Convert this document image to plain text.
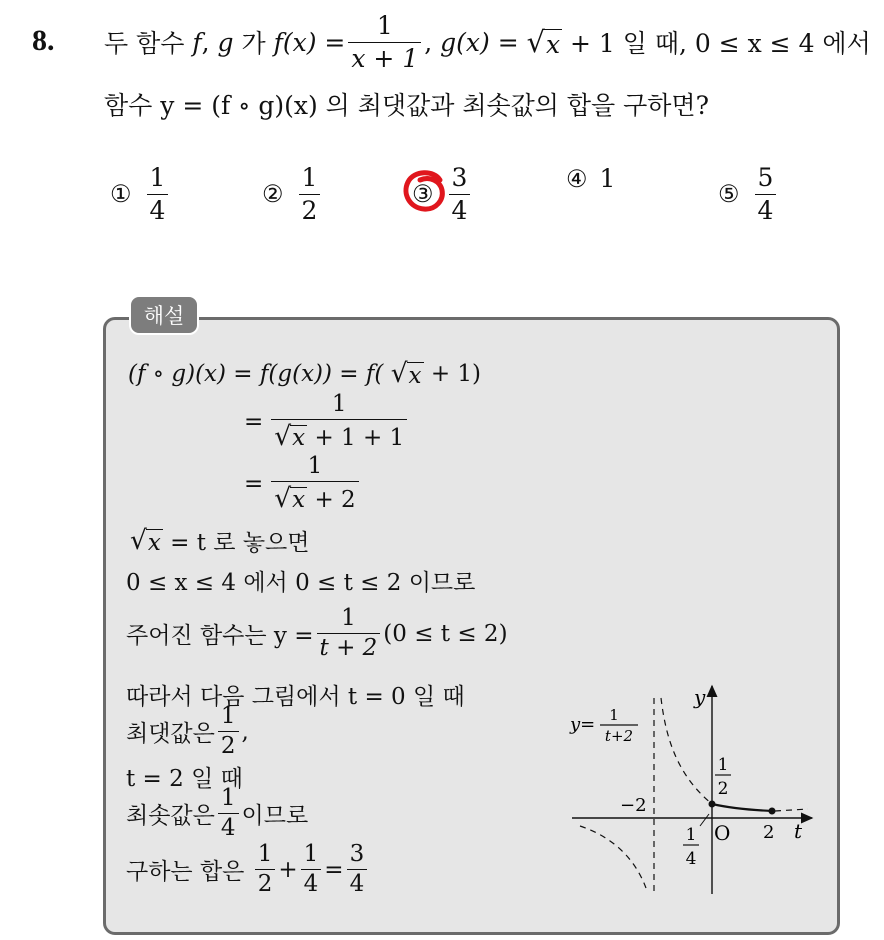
8. 두 함수
f ,
g
가
$f(x) = \frac{1}{x + 1}$ ,
g(x) =
√ x
+ 1 일 때, 0 ≤ x ≤ 4 에서
함수 y = (f ∘ g)(x) 의 최댓값과 최솟값의 합을 구하면?
① $\frac{1}{4}$	② $\frac{1}{2}$	③ $\frac{3}{4}$	④ 1
⑤ $\frac{5}{4}$
해설
(f ∘ g)(x) = f(g(x)) = f(
√ x
+ 1)
= $\frac{1}{√ x + 1 + 1}$
= $\frac{1}{√ x + 2}$
√ x
= t 로 놓으면
0 ≤ x ≤ 4 에서 0 ≤ t ≤ 2 이므로
주어진 함수는 $y = \frac{1}{t + 2} (0 \le t \le 2)$
따라서 다음 그림에서 t = 0 일 때
최댓값은 $\frac{1}{2}$ ,
t = 2 일 때
최솟값은 $\frac{1}{4}$ 이므로
구하는 합은
$\frac{1}{2} + \frac{1}{4} = \frac{3}{4}$
y= 1
t+2
y
t
O
−2
2
1
2
1
4
